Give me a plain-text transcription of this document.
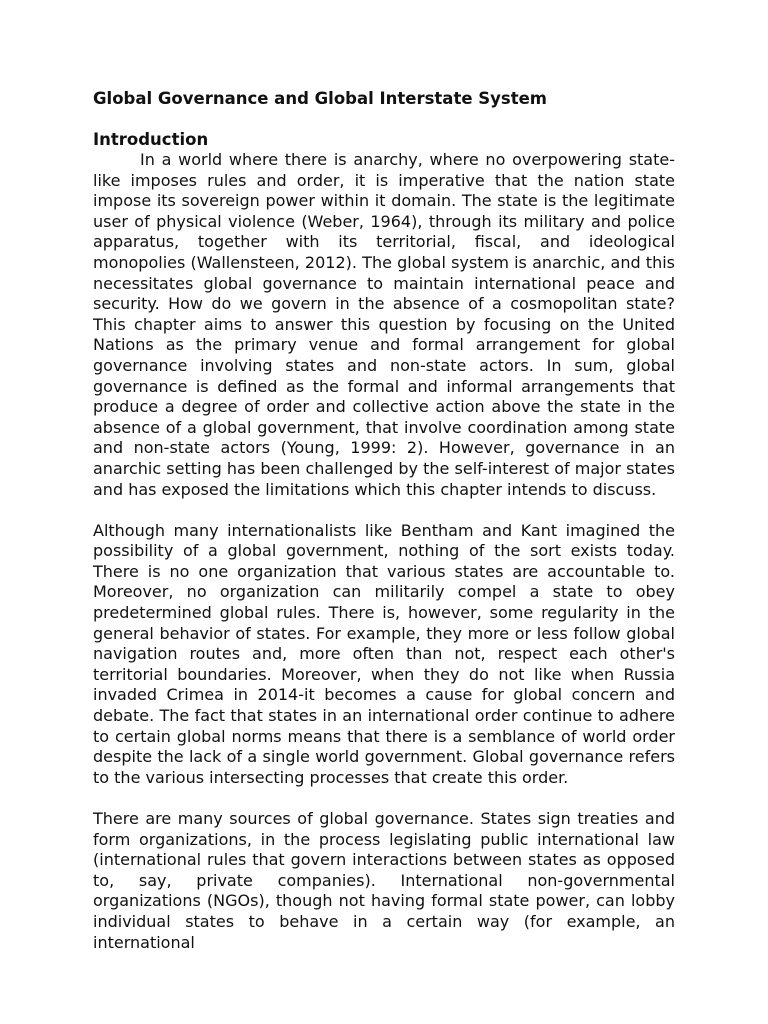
Global Governance and Global Interstate System
Introduction

In a world where there is anarchy, where no overpowering state-like imposes rules and order, it is imperative that the nation state impose its sovereign power within it domain. The state is the legitimate user of physical violence (Weber, 1964), through its military and police apparatus, together with its territorial, fiscal, and ideological monopolies (Wallensteen, 2012). The global system is anarchic, and this necessitates global governance to maintain international peace and security. How do we govern in the absence of a cosmopolitan state? This chapter aims to answer this question by focusing on the United Nations as the primary venue and formal arrangement for global governance involving states and non-state actors. In sum, global governance is defined as the formal and informal arrangements that produce a degree of order and collective action above the state in the absence of a global government, that involve coordination among state and non-state actors (Young, 1999: 2). However, governance in an anarchic setting has been challenged by the self-interest of major states and has exposed the limitations which this chapter intends to discuss.

Although many internationalists like Bentham and Kant imagined the possibility of a global government, nothing of the sort exists today. There is no one organization that various states are accountable to. Moreover, no organization can militarily compel a state to obey predetermined global rules. There is, however, some regularity in the general behavior of states. For example, they more or less follow global navigation routes and, more often than not, respect each other's territorial boundaries. Moreover, when they do not like when Russia invaded Crimea in 2014-it becomes a cause for global concern and debate. The fact that states in an international order continue to adhere to certain global norms means that there is a semblance of world order despite the lack of a single world government. Global governance refers to the various intersecting processes that create this order.

There are many sources of global governance. States sign treaties and form organizations, in the process legislating public international law (international rules that govern interactions between states as opposed to, say, private companies). International non-governmental organizations (NGOs), though not having formal state power, can lobby individual states to behave in a certain way (for example, an international
